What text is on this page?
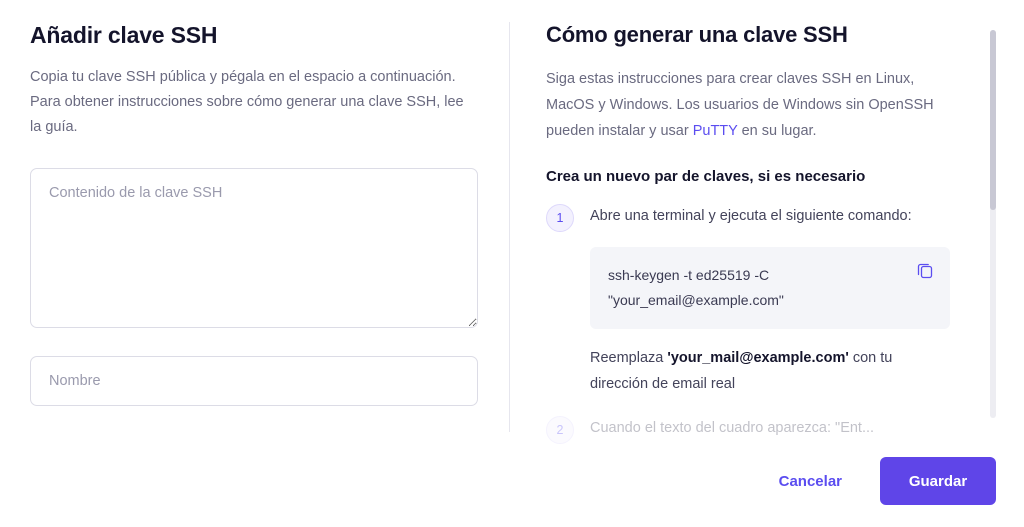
Añadir clave SSH

Copia tu clave SSH pública y pégala en el espacio a continuación. Para obtener instrucciones sobre cómo generar una clave SSH, lee la guía.

Contenido de la clave SSH
Nombre
Cómo generar una clave SSH

Siga estas instrucciones para crear claves SSH en Linux, MacOS y Windows. Los usuarios de Windows sin OpenSSH pueden instalar y usar PuTTY en su lugar.

Crea un nuevo par de claves, si es necesario
1	Abre una terminal y ejecuta el siguiente comando:

ssh-keygen -t ed25519 -C "your_email@example.com"

Reemplaza 'your_mail@example.com' con tu dirección de email real

2	Cuando el texto del cuadro aparezca: "Ent...

Cancelar	Guardar
